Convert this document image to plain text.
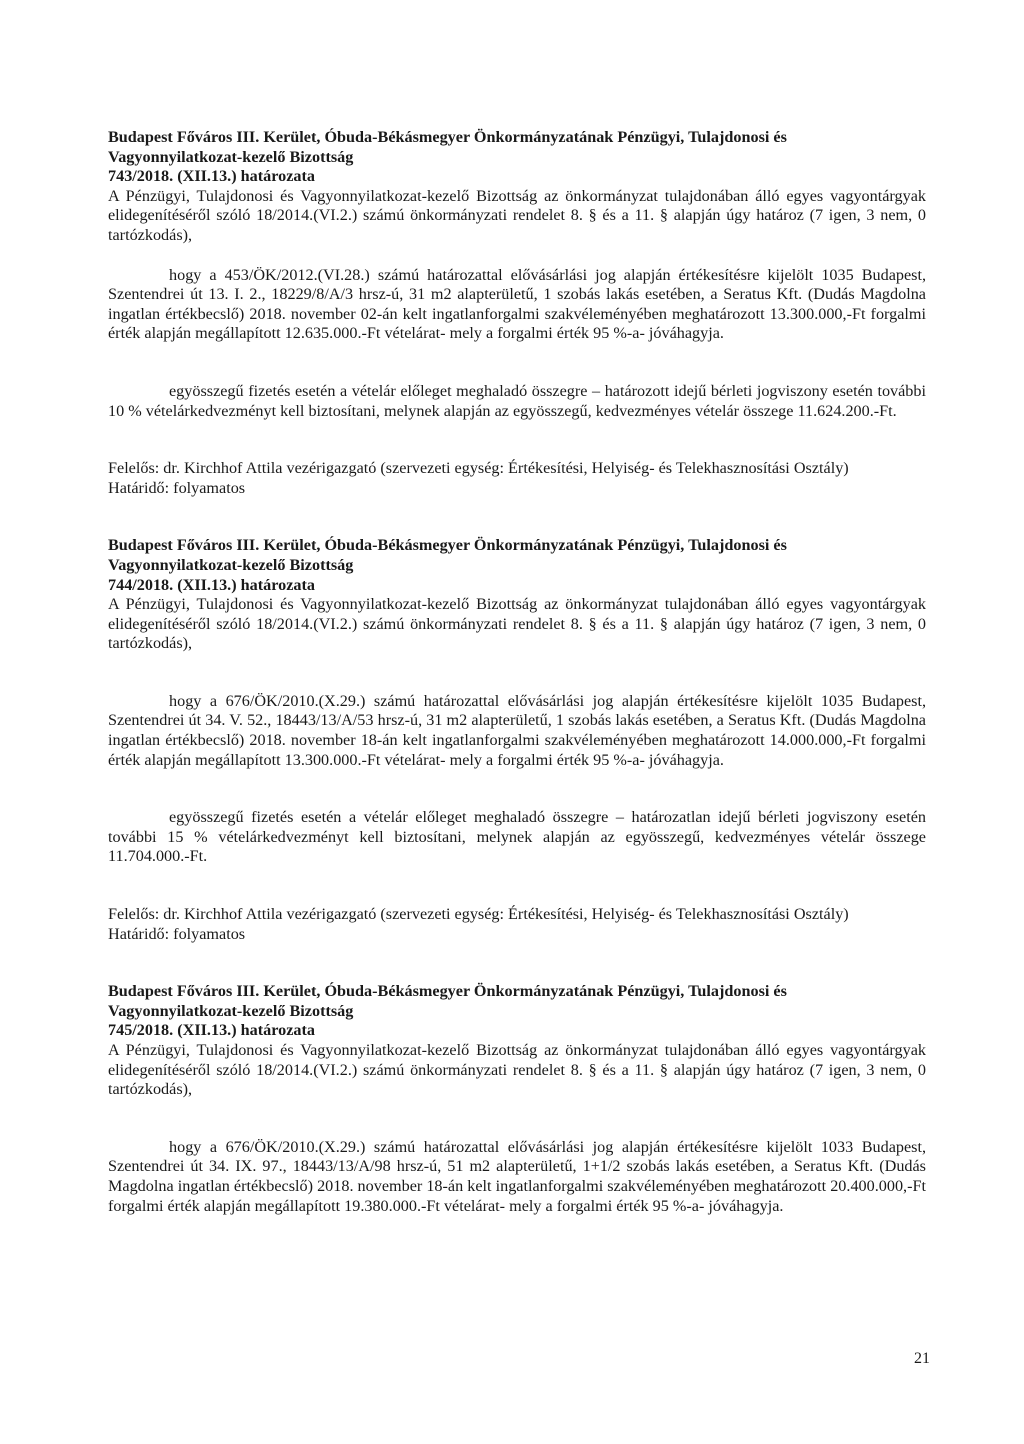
Budapest Főváros III. Kerület, Óbuda-Békásmegyer Önkormányzatának Pénzügyi, Tulajdonosi és
Vagyonnyilatkozat-kezelő Bizottság
743/2018. (XII.13.) határozata

A Pénzügyi, Tulajdonosi és Vagyonnyilatkozat-kezelő Bizottság az önkormányzat tulajdonában álló egyes vagyontárgyak elidegenítéséről szóló 18/2014.(VI.2.) számú önkormányzati rendelet 8. § és a 11. § alapján úgy határoz (7 igen, 3 nem, 0 tartózkodás),

hogy a 453/ÖK/2012.(VI.28.) számú határozattal elővásárlási jog alapján értékesítésre kijelölt 1035 Budapest, Szentendrei út 13. I. 2., 18229/8/A/3 hrsz-ú, 31 m2 alapterületű, 1 szobás lakás esetében, a Seratus Kft. (Dudás Magdolna ingatlan értékbecslő) 2018. november 02-án kelt ingatlanforgalmi szakvéleményében meghatározott 13.300.000,-Ft forgalmi érték alapján megállapított 12.635.000.-Ft vételárat- mely a forgalmi érték 95 %-a- jóváhagyja.

egyösszegű fizetés esetén a vételár előleget meghaladó összegre – határozott idejű bérleti jogviszony esetén további 10 % vételárkedvezményt kell biztosítani, melynek alapján az egyösszegű, kedvezményes vételár összege 11.624.200.-Ft.

Felelős: dr. Kirchhof Attila vezérigazgató (szervezeti egység: Értékesítési, Helyiség- és Telekhasznosítási Osztály)

Határidő: folyamatos

Budapest Főváros III. Kerület, Óbuda-Békásmegyer Önkormányzatának Pénzügyi, Tulajdonosi és
Vagyonnyilatkozat-kezelő Bizottság
744/2018. (XII.13.) határozata

A Pénzügyi, Tulajdonosi és Vagyonnyilatkozat-kezelő Bizottság az önkormányzat tulajdonában álló egyes vagyontárgyak elidegenítéséről szóló 18/2014.(VI.2.) számú önkormányzati rendelet 8. § és a 11. § alapján úgy határoz (7 igen, 3 nem, 0 tartózkodás),

hogy a 676/ÖK/2010.(X.29.) számú határozattal elővásárlási jog alapján értékesítésre kijelölt 1035 Budapest, Szentendrei út 34. V. 52., 18443/13/A/53 hrsz-ú, 31 m2 alapterületű, 1 szobás lakás esetében, a Seratus Kft. (Dudás Magdolna ingatlan értékbecslő) 2018. november 18-án kelt ingatlanforgalmi szakvéleményében meghatározott 14.000.000,-Ft forgalmi érték alapján megállapított 13.300.000.-Ft vételárat- mely a forgalmi érték 95 %-a- jóváhagyja.

egyösszegű fizetés esetén a vételár előleget meghaladó összegre – határozatlan idejű bérleti jogviszony esetén további 15 % vételárkedvezményt kell biztosítani, melynek alapján az egyösszegű, kedvezményes vételár összege 11.704.000.-Ft.

Felelős: dr. Kirchhof Attila vezérigazgató (szervezeti egység: Értékesítési, Helyiség- és Telekhasznosítási Osztály)

Határidő: folyamatos

Budapest Főváros III. Kerület, Óbuda-Békásmegyer Önkormányzatának Pénzügyi, Tulajdonosi és
Vagyonnyilatkozat-kezelő Bizottság
745/2018. (XII.13.) határozata

A Pénzügyi, Tulajdonosi és Vagyonnyilatkozat-kezelő Bizottság az önkormányzat tulajdonában álló egyes vagyontárgyak elidegenítéséről szóló 18/2014.(VI.2.) számú önkormányzati rendelet 8. § és a 11. § alapján úgy határoz (7 igen, 3 nem, 0 tartózkodás),

hogy a 676/ÖK/2010.(X.29.) számú határozattal elővásárlási jog alapján értékesítésre kijelölt 1033 Budapest, Szentendrei út 34. IX. 97., 18443/13/A/98 hrsz-ú, 51 m2 alapterületű, 1+1/2 szobás lakás esetében, a Seratus Kft. (Dudás Magdolna ingatlan értékbecslő) 2018. november 18-án kelt ingatlanforgalmi szakvéleményében meghatározott 20.400.000,-Ft forgalmi érték alapján megállapított 19.380.000.-Ft vételárat- mely a forgalmi érték 95 %-a- jóváhagyja.

21
